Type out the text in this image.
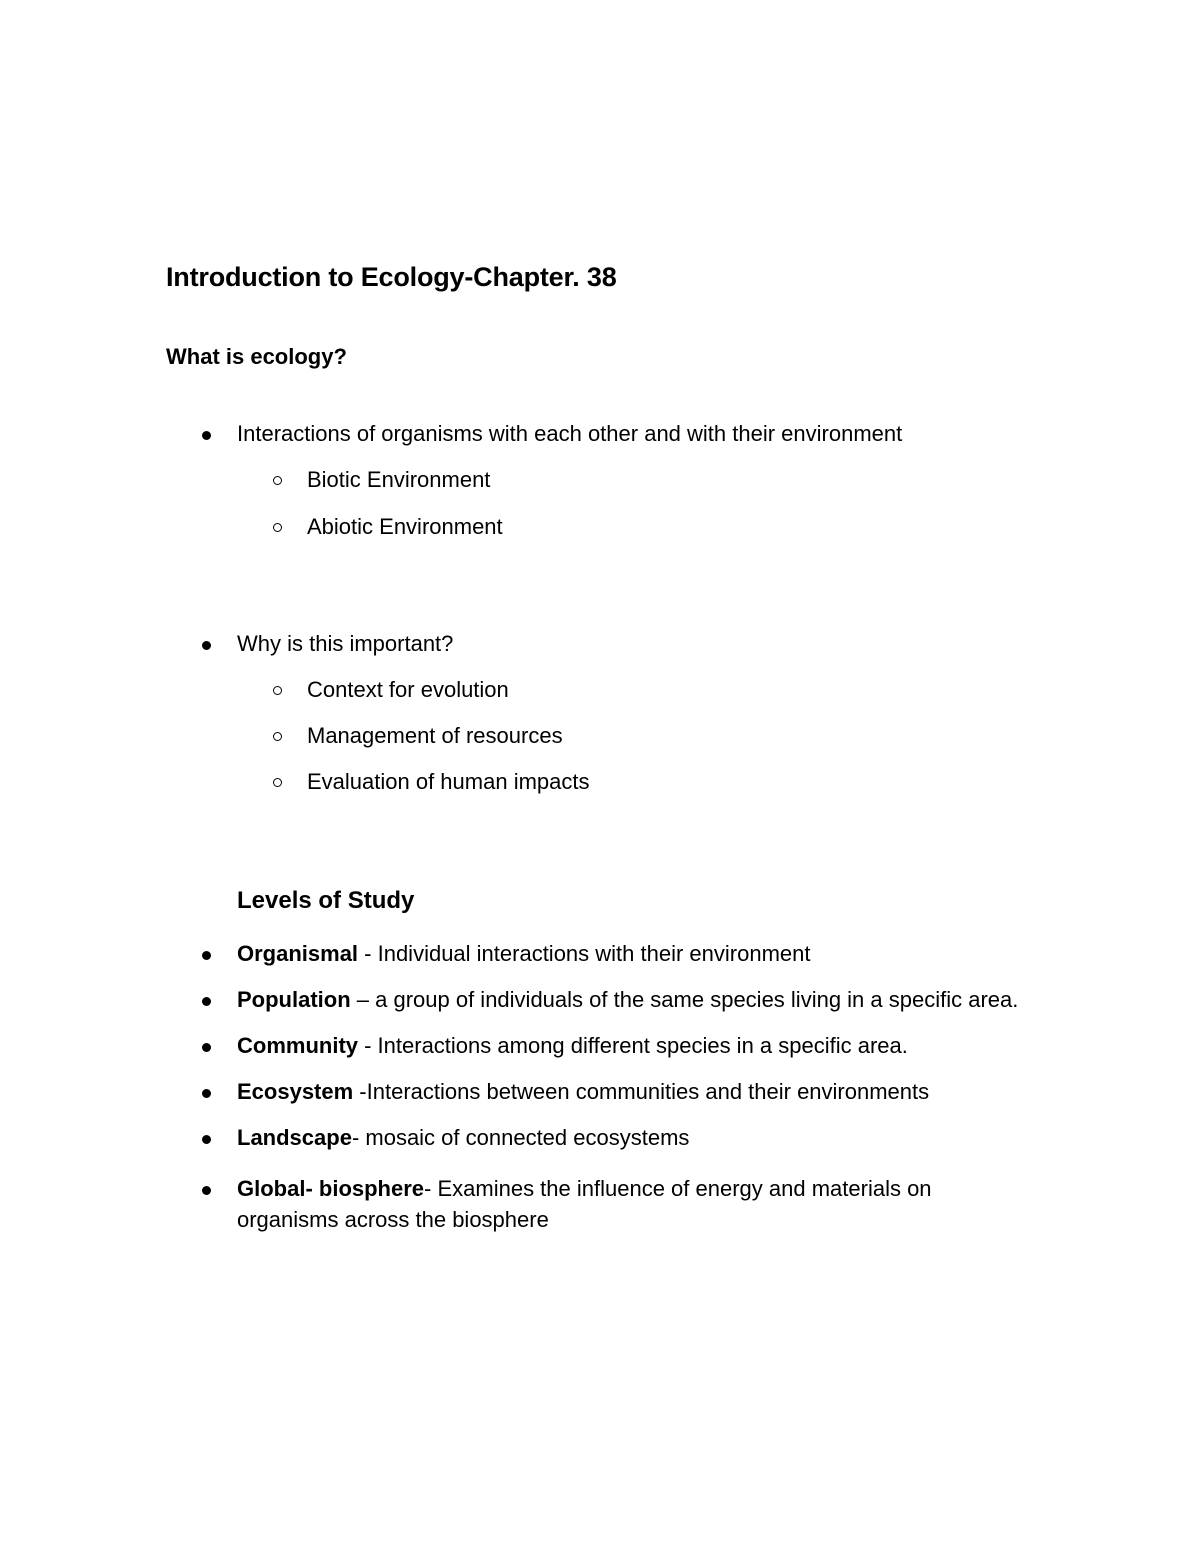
Introduction to Ecology-Chapter. 38
What is ecology?
Interactions of organisms with each other and with their environment
Biotic Environment
Abiotic Environment
Why is this important?
Context for evolution
Management of resources
Evaluation of human impacts
Levels of Study
Organismal - Individual interactions with their environment
Population – a group of individuals of the same species living in a specific area.
Community - Interactions among different species in a specific area.
Ecosystem -Interactions between communities and their environments
Landscape- mosaic of connected ecosystems
Global- biosphere- Examines the influence of energy and materials on
organisms across the biosphere
